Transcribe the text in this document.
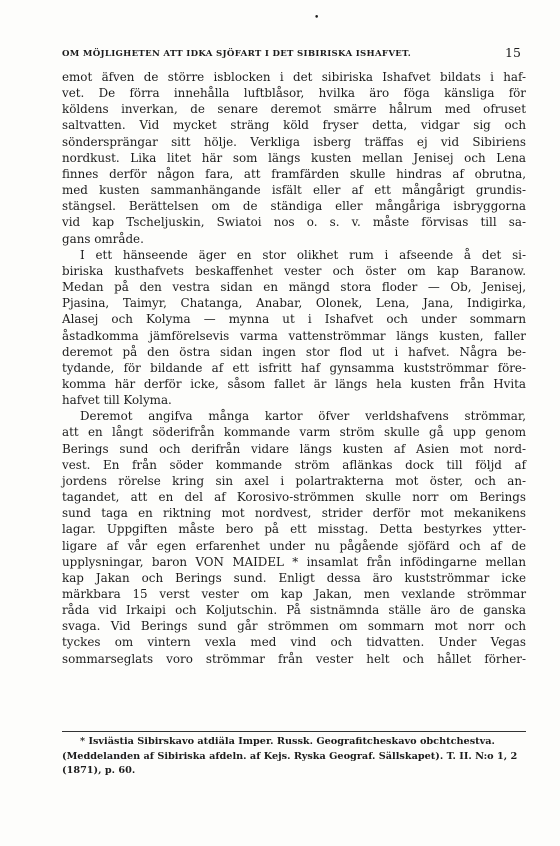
•
OM MÖJLIGHETEN ATT IDKA SJÖFART I DET SIBIRISKA ISHAFVET.	15
emot äfven de större isblocken i det sibiriska Ishafvet bildats i haf-
vet. De förra innehålla luftblåsor, hvilka äro föga känsliga för
köldens inverkan, de senare deremot smärre hålrum med ofruset
saltvatten. Vid mycket sträng köld fryser detta, vidgar sig och
söndersprängar sitt hölje. Verkliga isberg träffas ej vid Sibiriens
nordkust. Lika litet här som längs kusten mellan Jenisej och Lena
finnes derför någon fara, att framfärden skulle hindras af obrutna,
med kusten sammanhängande isfält eller af ett mångårigt grundis-
stängsel. Berättelsen om de ständiga eller mångåriga isbryggorna
vid kap Tscheljuskin, Swiatoi nos o. s. v. måste förvisas till sa-
gans område.
I ett hänseende äger en stor olikhet rum i afseende å det si-
biriska kusthafvets beskaffenhet vester och öster om kap Baranow.
Medan på den vestra sidan en mängd stora floder — Ob, Jenisej,
Pjasina, Taimyr, Chatanga, Anabar, Olonek, Lena, Jana, Indigirka,
Alasej och Kolyma — mynna ut i Ishafvet och under sommarn
åstadkomma jämförelsevis varma vattenströmmar längs kusten, faller
deremot på den östra sidan ingen stor flod ut i hafvet. Några be-
tydande, för bildande af ett isfritt haf gynsamma kustströmmar före-
komma här derför icke, såsom fallet är längs hela kusten från Hvita
hafvet till Kolyma.
Deremot angifva många kartor öfver verldshafvens strömmar,
att en långt söderifrån kommande varm ström skulle gå upp genom
Berings sund och derifrån vidare längs kusten af Asien mot nord-
vest. En från söder kommande ström aflänkas dock till följd af
jordens rörelse kring sin axel i polartrakterna mot öster, och an-
tagandet, att en del af Korosivo-strömmen skulle norr om Berings
sund taga en riktning mot nordvest, strider derför mot mekanikens
lagar. Uppgiften måste bero på ett misstag. Detta bestyrkes ytter-
ligare af vår egen erfarenhet under nu pågående sjöfärd och af de
upplysningar, baron VON MAIDEL * insamlat från infödingarne mellan
kap Jakan och Berings sund. Enligt dessa äro kustströmmar icke
märkbara 15 verst vester om kap Jakan, men vexlande strömmar
råda vid Irkaipi och Koljutschin. På sistnämnda ställe äro de ganska
svaga. Vid Berings sund går strömmen om sommarn mot norr och
tyckes om vintern vexla med vind och tidvatten. Under Vegas
sommarseglats voro strömmar från vester helt och hållet förher-
* Isviästia Sibirskavo atdiäla Imper. Russk. Geografitcheskavo obchtchestva.
(Meddelanden af Sibiriska afdeln. af Kejs. Ryska Geograf. Sällskapet). T. II. N:o 1, 2
(1871), p. 60.
